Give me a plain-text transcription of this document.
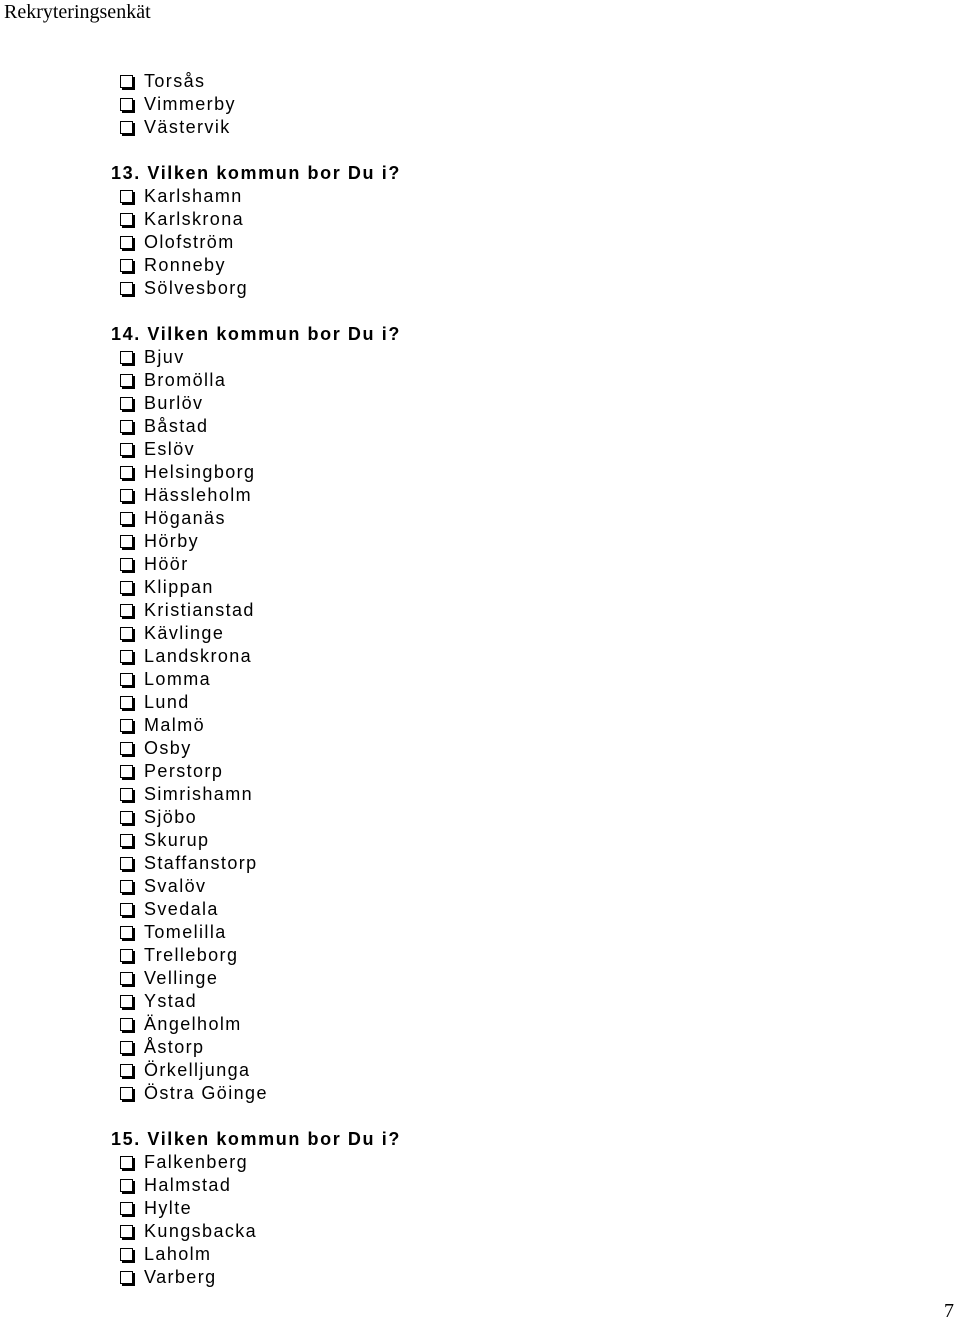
Rekryteringsenkät
Torsås
Vimmerby
Västervik
13. Vilken kommun bor Du i?
Karlshamn
Karlskrona
Olofström
Ronneby
Sölvesborg
14. Vilken kommun bor Du i?
Bjuv
Bromölla
Burlöv
Båstad
Eslöv
Helsingborg
Hässleholm
Höganäs
Hörby
Höör
Klippan
Kristianstad
Kävlinge
Landskrona
Lomma
Lund
Malmö
Osby
Perstorp
Simrishamn
Sjöbo
Skurup
Staffanstorp
Svalöv
Svedala
Tomelilla
Trelleborg
Vellinge
Ystad
Ängelholm
Åstorp
Örkelljunga
Östra Göinge
15. Vilken kommun bor Du i?
Falkenberg
Halmstad
Hylte
Kungsbacka
Laholm
Varberg
7
